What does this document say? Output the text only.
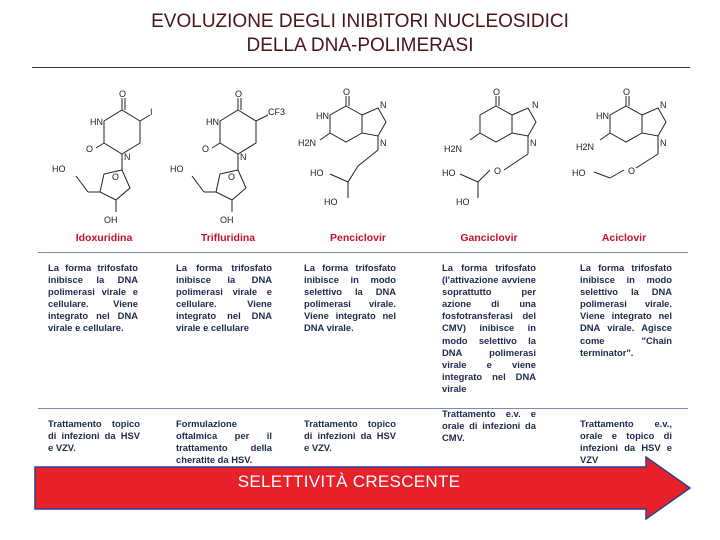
EVOLUZIONE DEGLI INIBITORI NUCLEOSIDICI
DELLA DNA-POLIMERASI
O
HN
I
O
N
O
HO
OH
Idoxuridina
O
HN
CF3
O
N
O
HO
OH
Trifluridina
O
HN
N
H2N	N
HO
HO
Penciclovir
O
N
N
H2N
O
HO
HO
Ganciclovir
O
HN
N
H2N	N
O
HO
Aciclovir
La forma trifosfato inibisce la DNA polimerasi virale e cellulare. Viene integrato nel DNA virale e cellulare.
La forma trifosfato inibisce la DNA polimerasi virale e cellulare. Viene integrato nel DNA virale e cellulare
La forma trifosfato inibisce in modo selettivo la DNA polimerasi virale. Viene integrato nel DNA virale.
La forma trifosfato (l'attivazione avviene soprattutto per azione di una fosfotransferasi del CMV) inibisce in modo selettivo la DNA polimerasi virale e viene integrato nel DNA virale
La forma trifosfato inibisce in modo selettivo la DNA polimerasi virale. Viene integrato nel DNA virale. Agisce come "Chain terminator".
Trattamento topico di infezioni da HSV e VZV.
Formulazione oftalmica per il trattamento della cheratite da HSV.
Trattamento topico di infezioni da HSV e VZV.
Trattamento e.v. e orale di infezioni da CMV.
Trattamento e.v., orale e topico di infezioni da HSV e VZV
SELETTIVITÀ CRESCENTE
